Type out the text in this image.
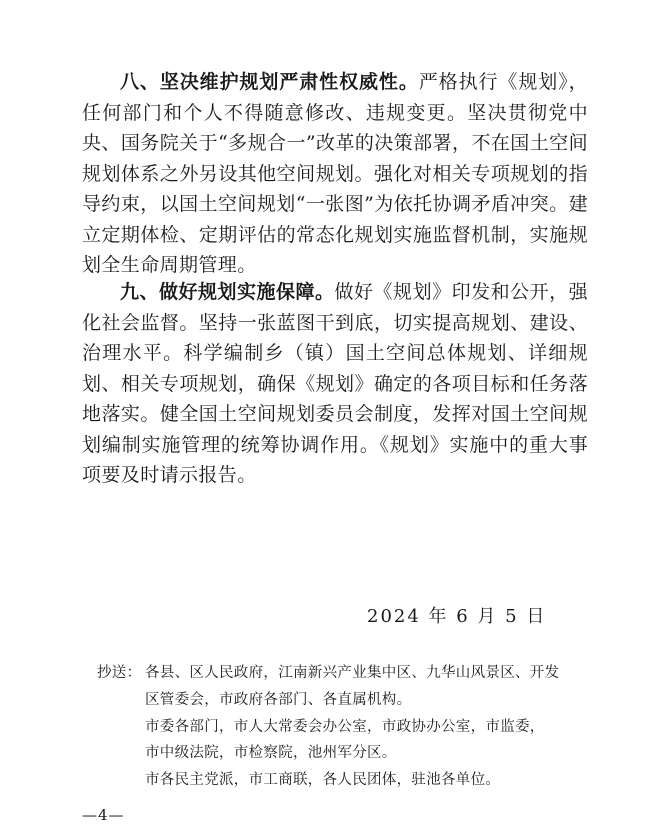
八、坚决维护规划严肃性权威性。严格执行《规划》，任何部门和个人不得随意修改、违规变更。坚决贯彻党中央、国务院关于“多规合一”改革的决策部署，不在国土空间规划体系之外另设其他空间规划。强化对相关专项规划的指导约束，以国土空间规划“一张图”为依托协调矛盾冲突。建立定期体检、定期评估的常态化规划实施监督机制，实施规划全生命周期管理。

九、做好规划实施保障。做好《规划》印发和公开，强化社会监督。坚持一张蓝图干到底，切实提高规划、建设、治理水平。科学编制乡（镇）国土空间总体规划、详细规划、相关专项规划，确保《规划》确定的各项目标和任务落地落实。健全国土空间规划委员会制度，发挥对国土空间规划编制实施管理的统筹协调作用。《规划》实施中的重大事项要及时请示报告。

2024 年 6 月 5 日
抄送： 各县、区人民政府，江南新兴产业集中区、九华山风景区、开发
区管委会，市政府各部门、各直属机构。
市委各部门，市人大常委会办公室，市政协办公室，市监委，
市中级法院，市检察院，池州军分区。
市各民主党派，市工商联，各人民团体，驻池各单位。
—4—
